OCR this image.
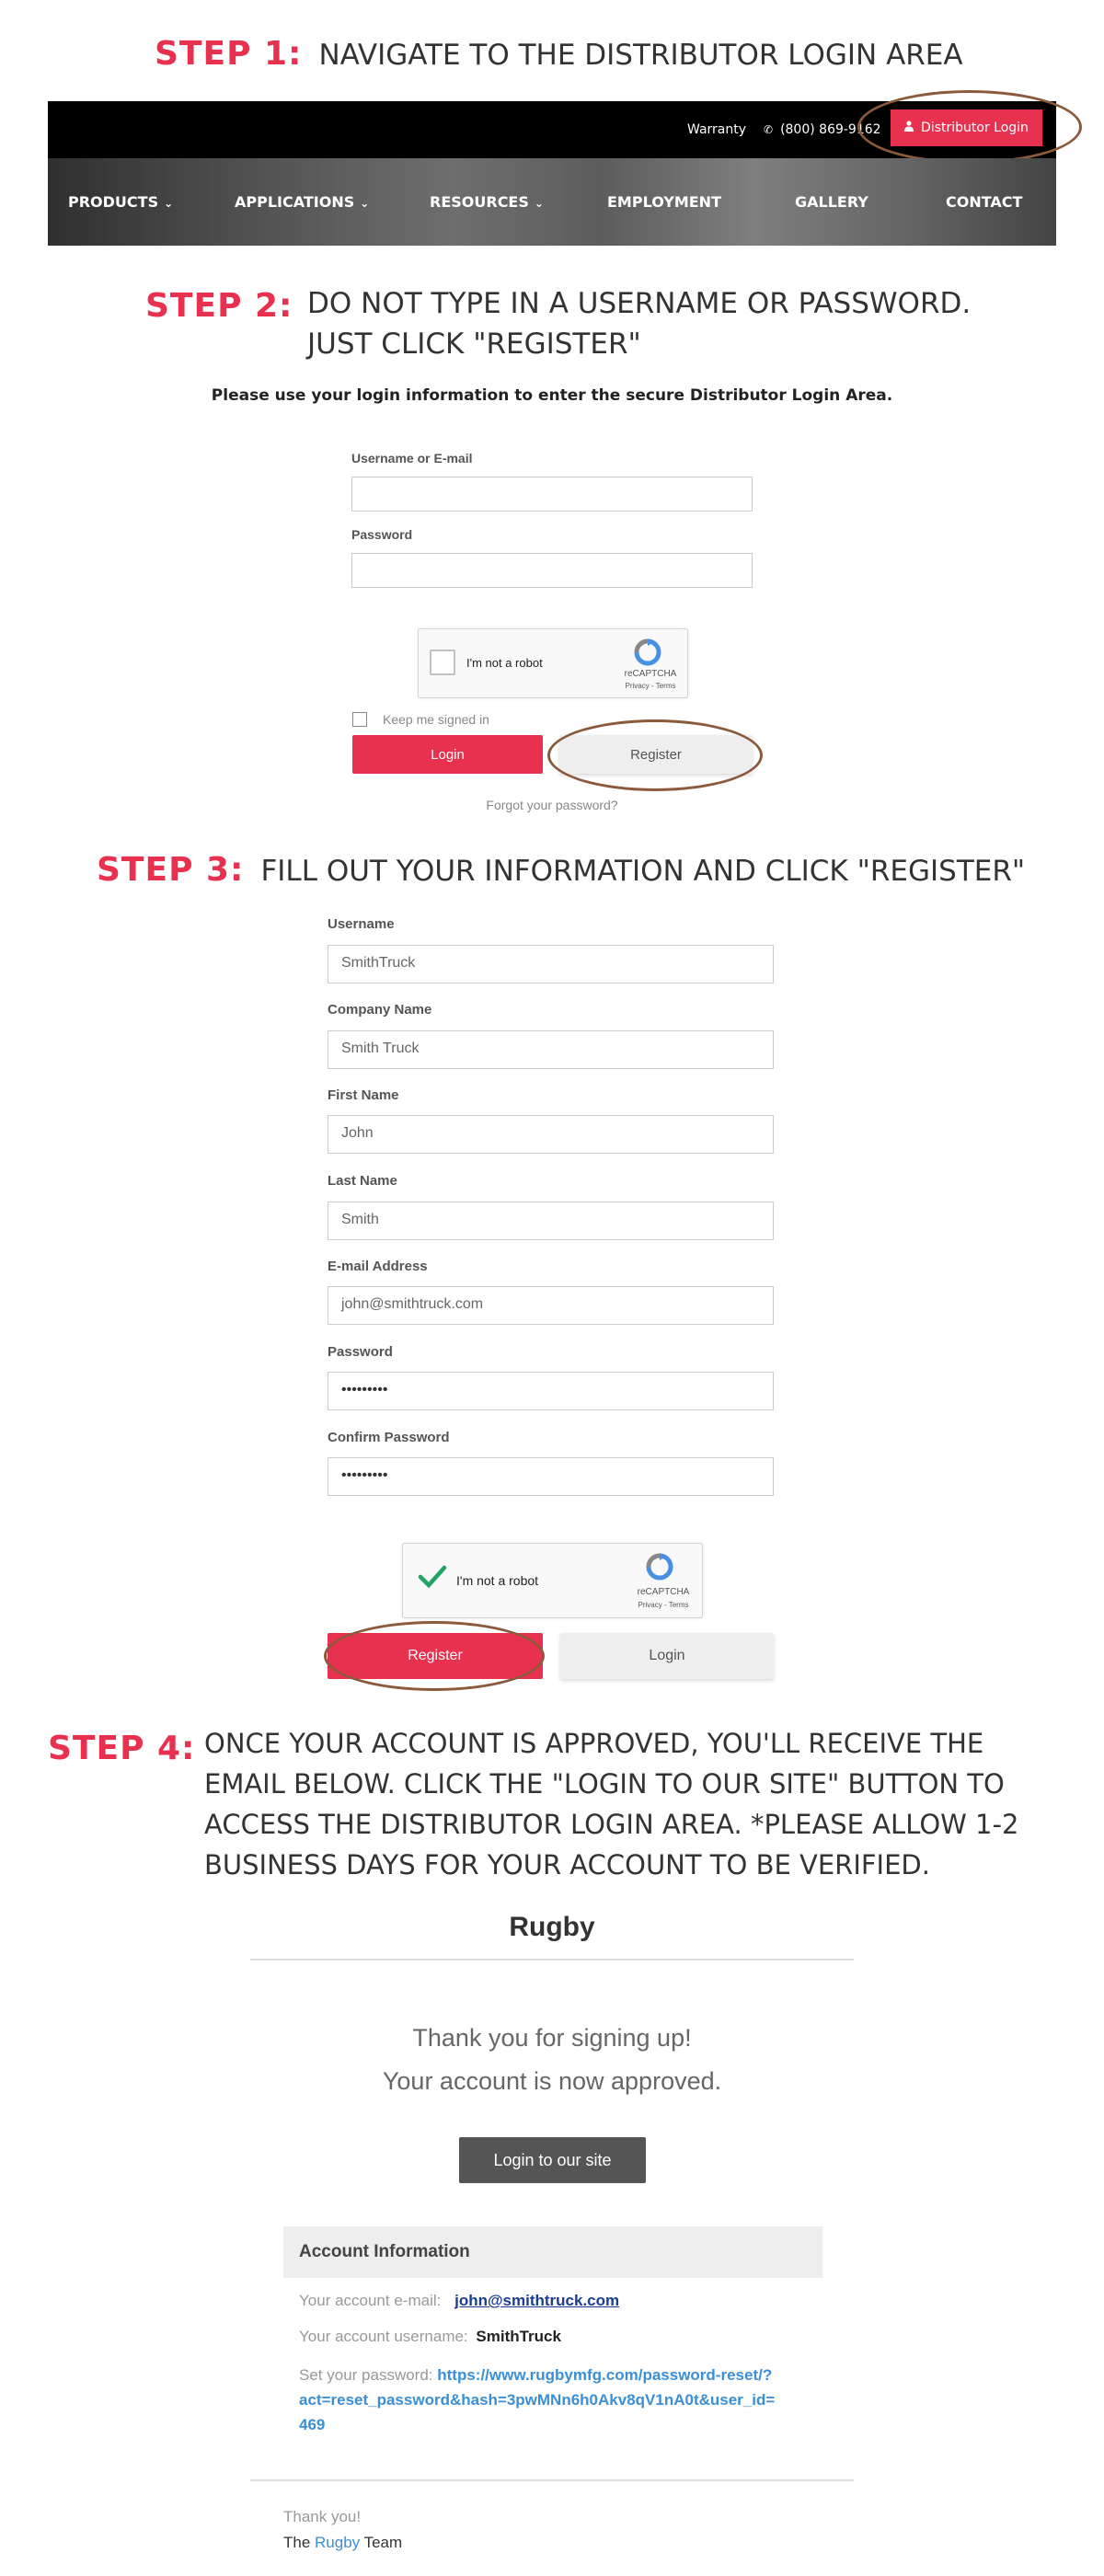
STEP 1: NAVIGATE TO THE DISTRIBUTOR LOGIN AREA
Warranty ✆ (800) 869-9162	Distributor Login
PRODUCTS ⌄	APPLICATIONS ⌄	RESOURCES ⌄	EMPLOYMENT	GALLERY	CONTACT
STEP 2: DO NOT TYPE IN A USERNAME OR PASSWORD.
JUST CLICK "REGISTER"
Please use your login information to enter the secure Distributor Login Area.
Username or E-mail
Password
I'm not a robot
reCAPTCHA
Privacy - Terms
Keep me signed in
Login	Register
Forgot your password?
STEP 3: FILL OUT YOUR INFORMATION AND CLICK "REGISTER"
Username
SmithTruck
Company Name
Smith Truck
First Name
John
Last Name
Smith
E-mail Address
john@smithtruck.com
Password
•••••••••
Confirm Password
•••••••••
I'm not a robot
reCAPTCHA
Privacy - Terms
Register	Login
STEP 4: ONCE YOUR ACCOUNT IS APPROVED, YOU'LL RECEIVE THE
EMAIL BELOW. CLICK THE "LOGIN TO OUR SITE" BUTTON TO
ACCESS THE DISTRIBUTOR LOGIN AREA. *PLEASE ALLOW 1-2
BUSINESS DAYS FOR YOUR ACCOUNT TO BE VERIFIED.
Rugby
Thank you for signing up!
Your account is now approved.
Login to our site
Account Information
Your account e-mail: john@smithtruck.com
Your account username: SmithTruck
Set your password: https://www.rugbymfg.com/password-reset/?
act=reset_password&hash=3pwMNn6h0Akv8qV1nA0t&user_id=
469
Thank you!
The Rugby Team
